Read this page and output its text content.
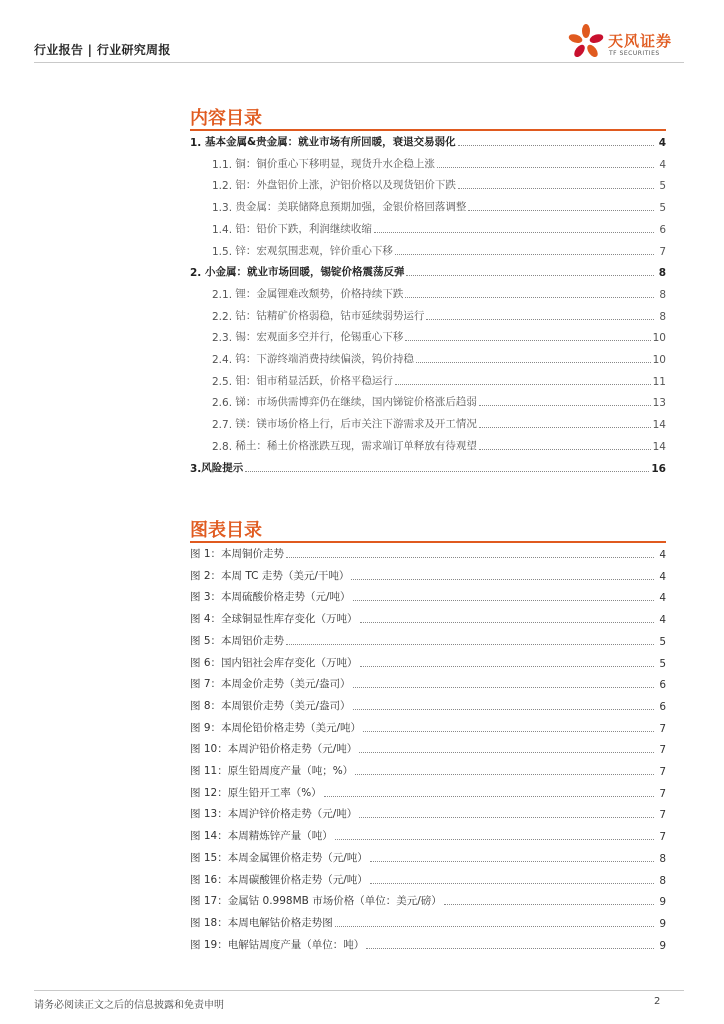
行业报告 | 行业研究周报	天风证券
TF SECURITIES
内容目录
1. 基本金属&贵金属：就业市场有所回暖，衰退交易弱化	4
1.1. 铜：铜价重心下移明显，现货升水企稳上涨	4
1.2. 铝：外盘铝价上涨，沪铝价格以及现货铝价下跌	5
1.3. 贵金属：美联储降息预期加强，金银价格回落调整	5
1.4. 铅：铅价下跌，利润继续收缩	6
1.5. 锌：宏观氛围悲观，锌价重心下移	7
2. 小金属：就业市场回暖，锡锭价格震荡反弹	8
2.1. 锂：金属锂难改颓势，价格持续下跌	8
2.2. 钴：钴精矿价格弱稳，钴市延续弱势运行	8
2.3. 锡：宏观面多空并行，伦锡重心下移	10
2.4. 钨：下游终端消费持续偏淡，钨价持稳	10
2.5. 钼：钼市稍显活跃，价格平稳运行	11
2.6. 锑：市场供需博弈仍在继续，国内锑锭价格涨后趋弱	13
2.7. 镁：镁市场价格上行，后市关注下游需求及开工情况	14
2.8. 稀土：稀土价格涨跌互现，需求端订单释放有待观望	14
3. 风险提示	16
图表目录
图 1：本周铜价走势	4
图 2：本周 TC 走势（美元/干吨）	4
图 3：本周硫酸价格走势（元/吨）	4
图 4：全球铜显性库存变化（万吨）	4
图 5：本周铝价走势	5
图 6：国内铝社会库存变化（万吨）	5
图 7：本周金价走势（美元/盎司）	6
图 8：本周银价走势（美元/盎司）	6
图 9：本周伦铅价格走势（美元/吨）	7
图 10：本周沪铅价格走势（元/吨）	7
图 11：原生铅周度产量（吨；%）	7
图 12：原生铅开工率（%）	7
图 13：本周沪锌价格走势（元/吨）	7
图 14：本周精炼锌产量（吨）	7
图 15：本周金属锂价格走势（元/吨）	8
图 16：本周碳酸锂价格走势（元/吨）	8
图 17：金属钴 0.998MB 市场价格（单位：美元/磅）	9
图 18：本周电解钴价格走势图	9
图 19：电解钴周度产量（单位：吨）	9
请务必阅读正文之后的信息披露和免责申明	2
